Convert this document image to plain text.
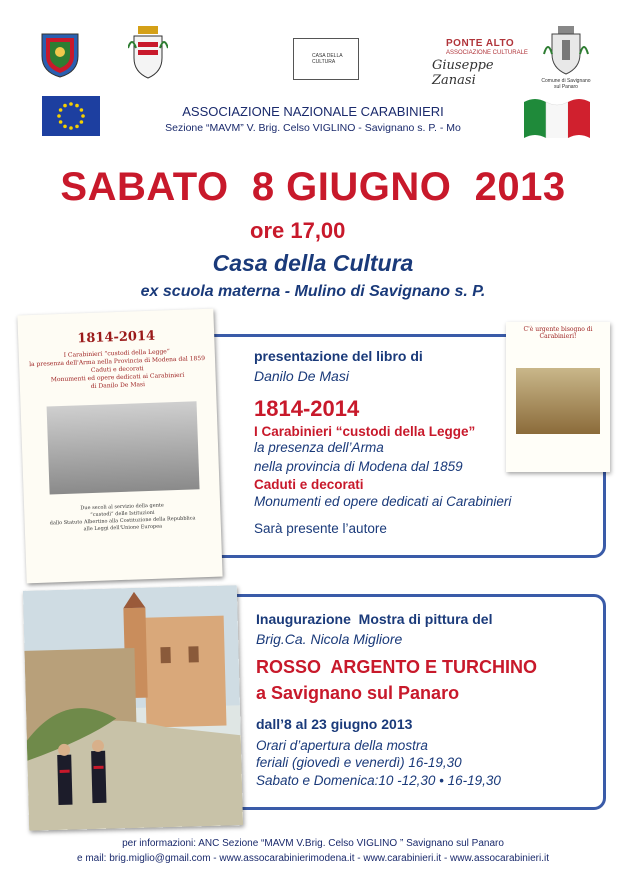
CASA DELLA CULTURA
PONTE ALTO
ASSOCIAZIONE CULTURALE
Giuseppe Zanasi	Comune di Savignano sul Panaro
ASSOCIAZIONE NAZIONALE CARABINIERI
Sezione “MAVM” V. Brig. Celso VIGLINO - Savignano s. P. - Mo
SABATO  8 GIUGNO  2013
ore 17,00
Casa della Cultura
ex scuola materna - Mulino di Savignano s. P.
1814-2014
I Carabinieri “custodi della Legge”
la presenza dell'Arma nella Provincia di Modena dal 1859
Caduti e decorati
Monumenti ed opere dedicati ai Carabinieri
di Danilo De Masi
Due secoli al servizio della gente
“custodi” delle Istituzioni
dallo Statuto Albertino alla Costituzione della Repubblica
alle Leggi dell'Unione Europea
C'è urgente bisogno di Carabinieri!
presentazione del libro di
Danilo De Masi
1814-2014
I Carabinieri “custodi della Legge”
la presenza dell’Arma
nella provincia di Modena dal 1859
Caduti e decorati
Monumenti ed opere dedicati ai Carabinieri
Sarà presente l’autore
Inaugurazione  Mostra di pittura del
Brig.Ca. Nicola Migliore
ROSSO  ARGENTO E TURCHINO
a Savignano sul Panaro
dall’8 al 23 giugno 2013
Orari d’apertura della mostra
feriali (giovedì e venerdì) 16-19,30
Sabato e Domenica:10 -12,30 • 16-19,30
per informazioni: ANC Sezione “MAVM V.Brig. Celso VIGLINO ” Savignano sul Panaro
e mail: brig.miglio@gmail.com - www.assocarabinierimodena.it - www.carabinieri.it - www.assocarabinieri.it
